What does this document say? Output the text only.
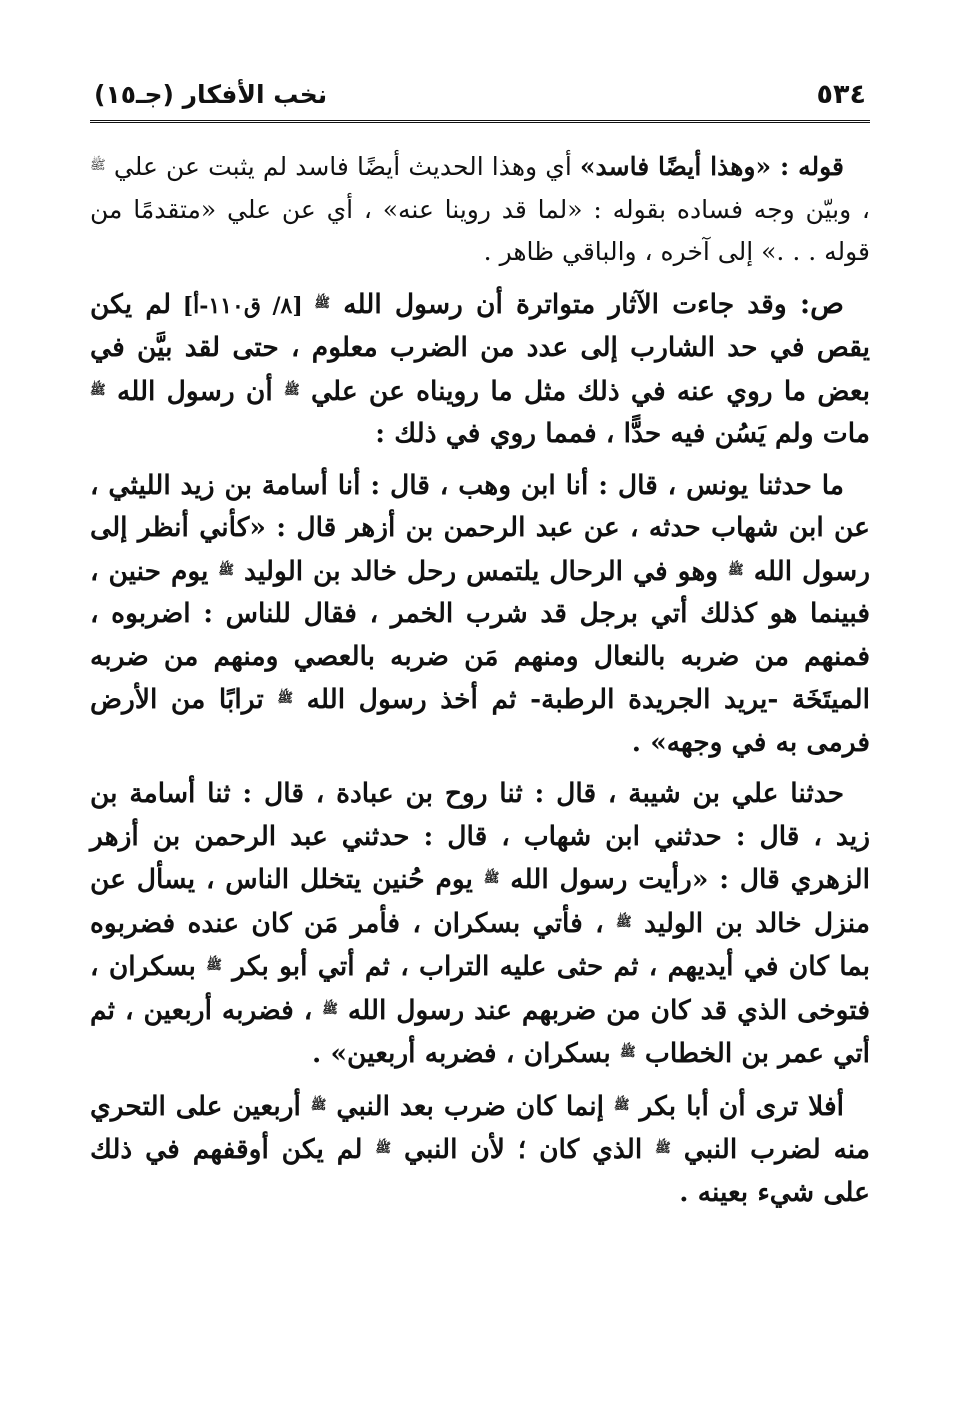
٥٣٤
نخب الأفكار (جـ١٥)

قوله : «وهذا أيضًا فاسد» أي وهذا الحديث أيضًا فاسد لم يثبت عن علي $^ﷺ$ ، وبيّن وجه فساده بقوله : «لما قد روينا عنه» ، أي عن علي «متقدمًا من قوله . . .» إلى آخره ، والباقي ظاهر .

ص: وقد جاءت الآثار متواترة أن رسول الله $^ﷺ$ [٨/ ق١١٠-أ] لم يكن يقص في حد الشارب إلى عدد من الضرب معلوم ، حتى لقد بيَّن في بعض ما روي عنه في ذلك مثل ما رويناه عن علي $^ﷺ$ أن رسول الله $^ﷺ$ مات ولم يَسُن فيه حدًّا ، فمما روي في ذلك :

ما حدثنا يونس ، قال : أنا ابن وهب ، قال : أنا أسامة بن زيد الليثي ، عن ابن شهاب حدثه ، عن عبد الرحمن بن أزهر قال : «كأني أنظر إلى رسول الله $^ﷺ$ وهو في الرحال يلتمس رحل خالد بن الوليد $^ﷺ$ يوم حنين ، فبينما هو كذلك أتي برجل قد شرب الخمر ، فقال للناس : اضربوه ، فمنهم من ضربه بالنعال ومنهم مَن ضربه بالعصي ومنهم من ضربه الميتَخَة -يريد الجريدة الرطبة- ثم أخذ رسول الله $^ﷺ$ ترابًا من الأرض فرمى به في وجهه» .

حدثنا علي بن شيبة ، قال : ثنا روح بن عبادة ، قال : ثنا أسامة بن زيد ، قال : حدثني ابن شهاب ، قال : حدثني عبد الرحمن بن أزهر الزهري قال : «رأيت رسول الله $^ﷺ$ يوم حُنين يتخلل الناس ، يسأل عن منزل خالد بن الوليد $^ﷺ$ ، فأتي بسكران ، فأمر مَن كان عنده فضربوه بما كان في أيديهم ، ثم حثى عليه التراب ، ثم أتي أبو بكر $^ﷺ$ بسكران ، فتوخى الذي قد كان من ضربهم عند رسول الله $^ﷺ$ ، فضربه أربعين ، ثم أتي عمر بن الخطاب $^ﷺ$ بسكران ، فضربه أربعين» .

أفلا ترى أن أبا بكر $^ﷺ$ إنما كان ضرب بعد النبي $^ﷺ$ أربعين على التحري منه لضرب النبي $^ﷺ$ الذي كان ؛ لأن النبي $^ﷺ$ لم يكن أوقفهم في ذلك على شيء بعينه .
